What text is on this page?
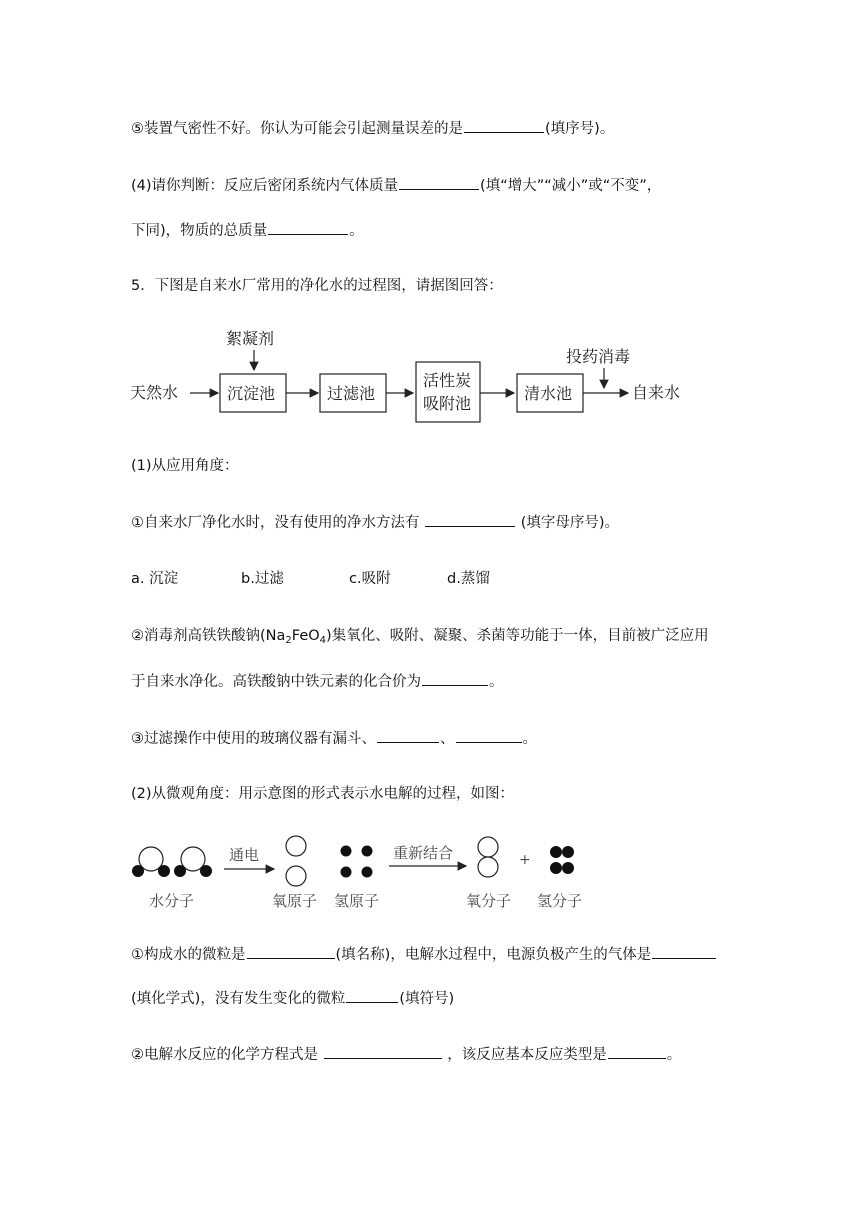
⑤装置气密性不好。你认为可能会引起测量误差的是	(填序号)。
(4)请你判断：反应后密闭系统内气体质量	(填“增大”“减小”或“不变”，
下同)，物质的总质量	。
5．下图是自来水厂常用的净化水的过程图，请据图回答：
天然水
絮凝剂
沉淀池	过滤池
活性炭
吸附池
清水池
投药消毒
自来水
(1)从应用角度：
①自来水厂净化水时，没有使用的净水方法有	(填字母序号)。
a. 沉淀	b.过滤	c.吸附	d.蒸馏
②消毒剂高铁铁酸钠$(Na_2FeO_4)$集氧化、吸附、凝聚、杀菌等功能于一体，目前被广泛应用
于自来水净化。高铁酸钠中铁元素的化合价为	。
③过滤操作中使用的玻璃仪器有漏斗、	、	。
(2)从微观角度：用示意图的形式表示水电解的过程，如图：
水分子
通电
氧原子 氢原子
重新结合
氧分子
+
氢分子
①构成水的微粒是	(填名称)，电解水过程中，电源负极产生的气体是
(填化学式)，没有发生变化的微粒	(填符号)
②电解水反应的化学方程式是	，该反应基本反应类型是	。
